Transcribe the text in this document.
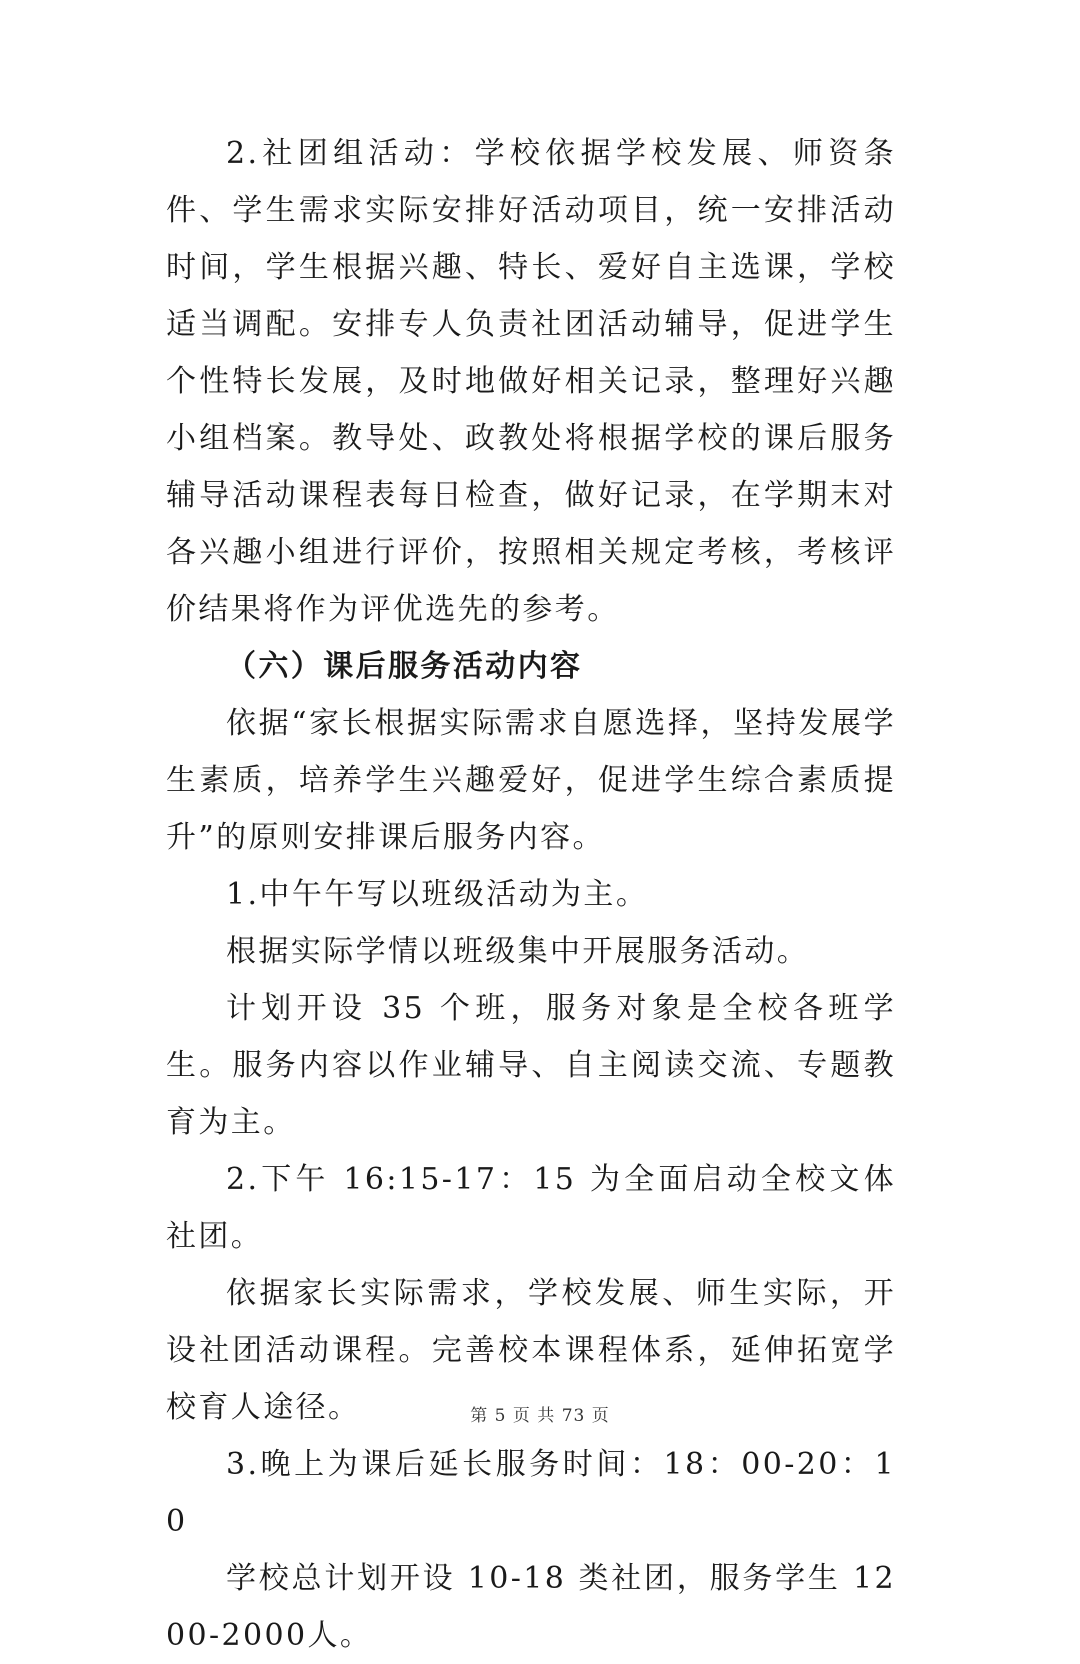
2.社团组活动：学校依据学校发展、师资条件、学生需求实际安排好活动项目，统一安排活动时间，学生根据兴趣、特长、爱好自主选课，学校适当调配。安排专人负责社团活动辅导，促进学生个性特长发展，及时地做好相关记录，整理好兴趣小组档案。教导处、政教处将根据学校的课后服务辅导活动课程表每日检查，做好记录，在学期末对各兴趣小组进行评价，按照相关规定考核，考核评价结果将作为评优选先的参考。

（六）课后服务活动内容

依据“家长根据实际需求自愿选择，坚持发展学生素质，培养学生兴趣爱好，促进学生综合素质提升”的原则安排课后服务内容。

1.中午午写以班级活动为主。

根据实际学情以班级集中开展服务活动。

计划开设 35 个班，服务对象是全校各班学生。服务内容以作业辅导、自主阅读交流、专题教育为主。

2.下午 16:15-17：15 为全面启动全校文体社团。

依据家长实际需求，学校发展、师生实际，开设社团活动课程。完善校本课程体系，延伸拓宽学校育人途径。

3.晚上为课后延长服务时间：18：00-20：10

学校总计划开设 10-18 类社团，服务学生 1200-2000人。

第 5 页 共 73 页
